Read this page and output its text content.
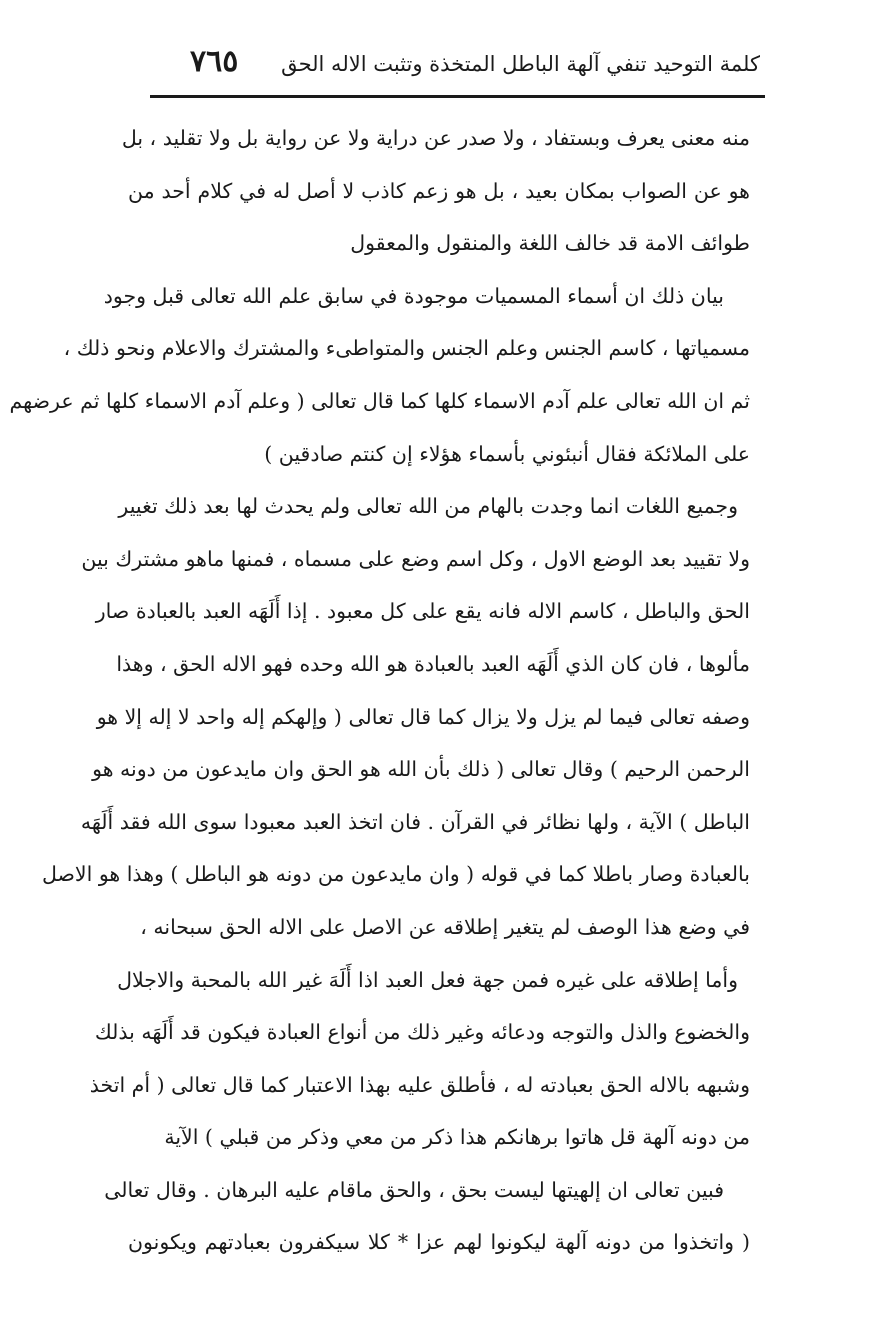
كلمة التوحيد تنفي آلهة الباطل المتخذة وتثبت الاله الحق
٧٦٥
منه معنى يعرف وبستفاد ، ولا صدر عن دراية ولا عن رواية بل ولا تقليد ، بل
هو عن الصواب بمكان بعيد ، بل هو زعم كاذب لا أصل له في كلام أحد من
طوائف الامة قد خالف اللغة والمنقول والمعقول
بيان ذلك ان أسماء المسميات موجودة في سابق علم الله تعالى قبل وجود
مسمياتها ، كاسم الجنس وعلم الجنس والمتواطىء والمشترك والاعلام ونحو ذلك ،
ثم ان الله تعالى علم آدم الاسماء كلها كما قال تعالى ( وعلم آدم الاسماء كلها ثم عرضهم
على الملائكة فقال أنبئوني بأسماء هؤلاء إن كنتم صادقين )
وجميع اللغات انما وجدت بالهام من الله تعالى ولم يحدث لها بعد ذلك تغيير
ولا تقييد بعد الوضع الاول ، وكل اسم وضع على مسماه ، فمنها ماهو مشترك بين
الحق والباطل ، كاسم الاله فانه يقع على كل معبود . إذا أَلَهَه العبد بالعبادة صار
مألوها ، فان كان الذي أَلَهَه العبد بالعبادة هو الله وحده فهو الاله الحق ، وهذا
وصفه تعالى فيما لم يزل ولا يزال كما قال تعالى ( وإلهكم إله واحد لا إله إلا هو
الرحمن الرحيم ) وقال تعالى ( ذلك بأن الله هو الحق وان مايدعون من دونه هو
الباطل ) الآية ، ولها نظائر في القرآن . فان اتخذ العبد معبودا سوى الله فقد أَلَهَه
بالعبادة وصار باطلا كما في قوله ( وان مايدعون من دونه هو الباطل ) وهذا هو الاصل
في وضع هذا الوصف لم يتغير إطلاقه عن الاصل على الاله الحق سبحانه ،
وأما إطلاقه على غيره فمن جهة فعل العبد اذا أَلَهَ غير الله بالمحبة والاجلال
والخضوع والذل والتوجه ودعائه وغير ذلك من أنواع العبادة فيكون قد أَلَهَه بذلك
وشبهه بالاله الحق بعبادته له ، فأطلق عليه بهذا الاعتبار كما قال تعالى ( أم اتخذ
من دونه آلهة قل هاتوا برهانكم هذا ذكر من معي وذكر من قبلي ) الآية
فبين تعالى ان إلهيتها ليست بحق ، والحق ماقام عليه البرهان . وقال تعالى
( واتخذوا من دونه آلهة ليكونوا لهم عزا * كلا سيكفرون بعبادتهم ويكونون
